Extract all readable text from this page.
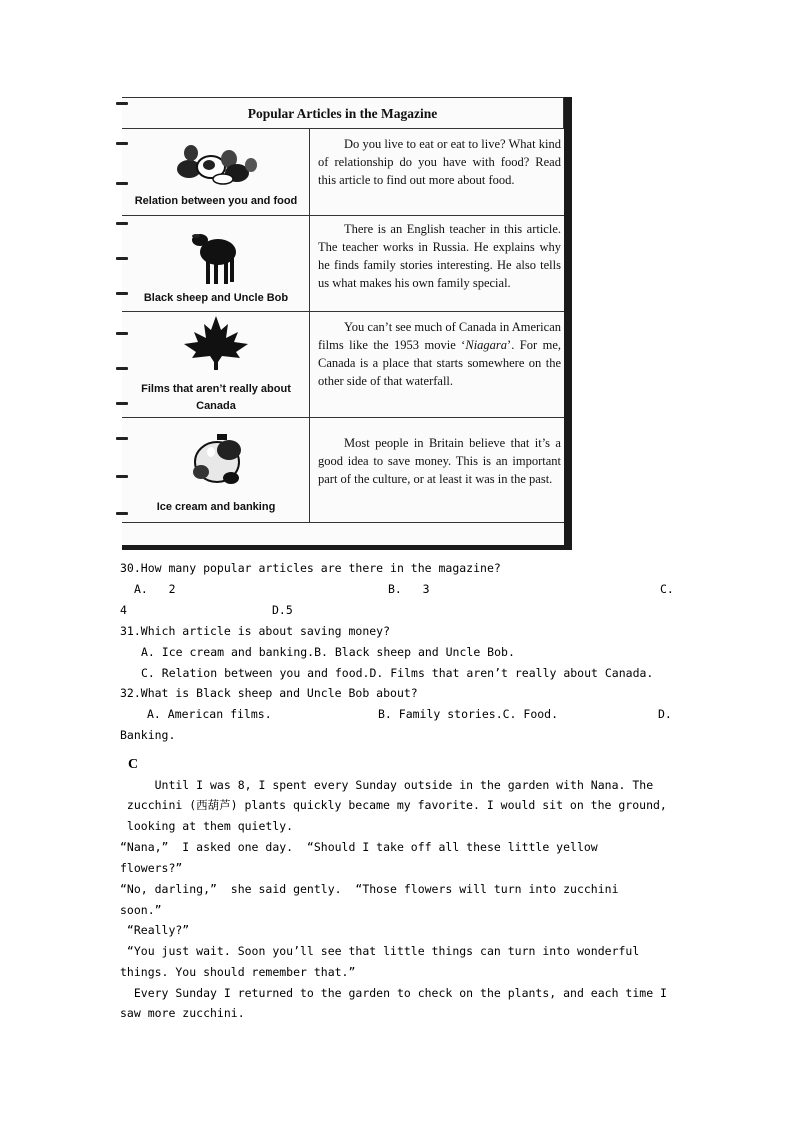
Popular Articles in the Magazine
Relation between you and food
Do you live to eat or eat to live? What kind of relationship do you have with food? Read this article to find out more about food.
Black sheep and Uncle Bob
There is an English teacher in this article. The teacher works in Russia. He explains why he finds family stories interesting. He also tells us what makes his own family special.
Films that aren’t really about
Canada
You can’t see much of Canada in American films like the 1953 movie ‘Niagara’. For me, Canada is a place that starts somewhere on the other side of that waterfall.
Ice cream and banking
Most people in Britain believe that it’s a good idea to save money. This is an important part of the culture, or at least it was in the past.
30.How many popular articles are there in the magazine?
A.   2	B.   3	C.
4	D.5
31.Which article is about saving money?
A. Ice cream and banking.B. Black sheep and Uncle Bob.
C. Relation between you and food.D. Films that aren’t really about Canada.
32.What is Black sheep and Uncle Bob about?
A. American films.	B. Family stories.C. Food.	D.
Banking.
C
Until I was 8, I spent every Sunday outside in the garden with Nana. The
zucchini (西葫芦) plants quickly became my favorite. I would sit on the ground,
looking at them quietly.
“Nana,”  I asked one day.  “Should I take off all these little yellow
flowers?”
“No, darling,”  she said gently.  “Those flowers will turn into zucchini
soon.”
“Really?”
“You just wait. Soon you’ll see that little things can turn into wonderful
things. You should remember that.”
Every Sunday I returned to the garden to check on the plants, and each time I
saw more zucchini.
